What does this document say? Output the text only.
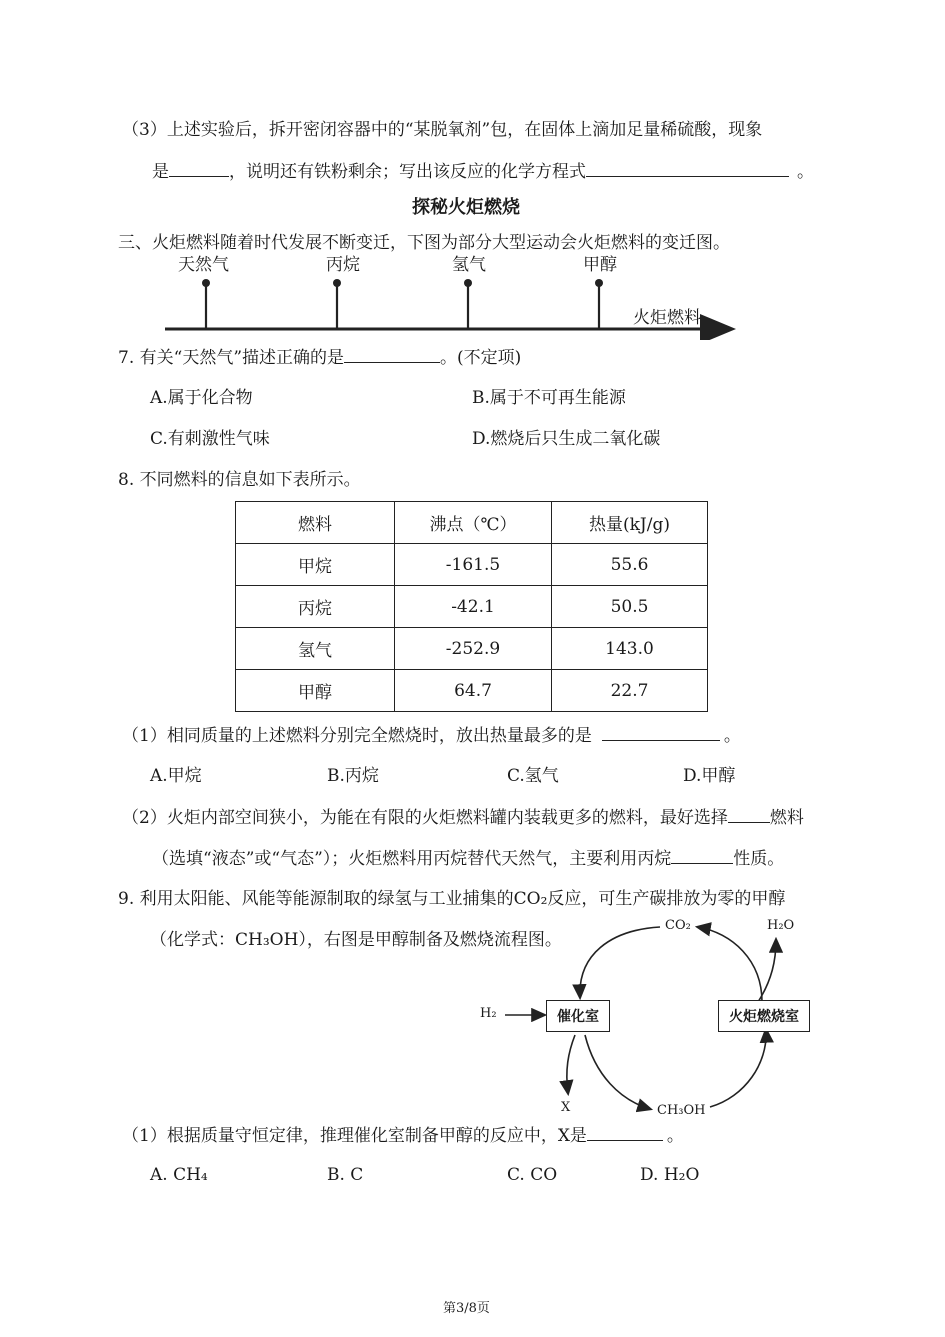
（3）上述实验后，拆开密闭容器中的“某脱氧剂”包，在固体上滴加足量稀硫酸，现象
是	，说明还有铁粉剩余；写出该反应的化学方程式	。
探秘火炬燃烧
三、火炬燃料随着时代发展不断变迁，下图为部分大型运动会火炬燃料的变迁图。
天然气	丙烷	氢气	甲醇
火炬燃料
7. 有关“天然气”描述正确的是	。(不定项)
A.属于化合物	B.属于不可再生能源
C.有刺激性气味	D.燃烧后只生成二氧化碳
8. 不同燃料的信息如下表所示。
燃料	沸点（℃）	热量(kJ/g)
甲烷	-161.5	55.6
丙烷	-42.1	50.5
氢气	-252.9	143.0
甲醇	64.7	22.7
（1）相同质量的上述燃料分别完全燃烧时，放出热量最多的是	。
A.甲烷	B.丙烷	C.氢气	D.甲醇
（2）火炬内部空间狭小，为能在有限的火炬燃料罐内装载更多的燃料，最好选择 燃料
（选填“液态”或“气态”）；火炬燃料用丙烷替代天然气，主要利用丙烷	性质。
9. 利用太阳能、风能等能源制取的绿氢与工业捕集的CO₂反应，可生产碳排放为零的甲醇
（化学式：CH₃OH），右图是甲醇制备及燃烧流程图。
CO₂	H₂O
H₂	催化室	火炬燃烧室
X	CH₃OH
（1）根据质量守恒定律，推理催化室制备甲醇的反应中，X是	。
A. CH₄	B. C	C. CO	D. H₂O
第3/8页
